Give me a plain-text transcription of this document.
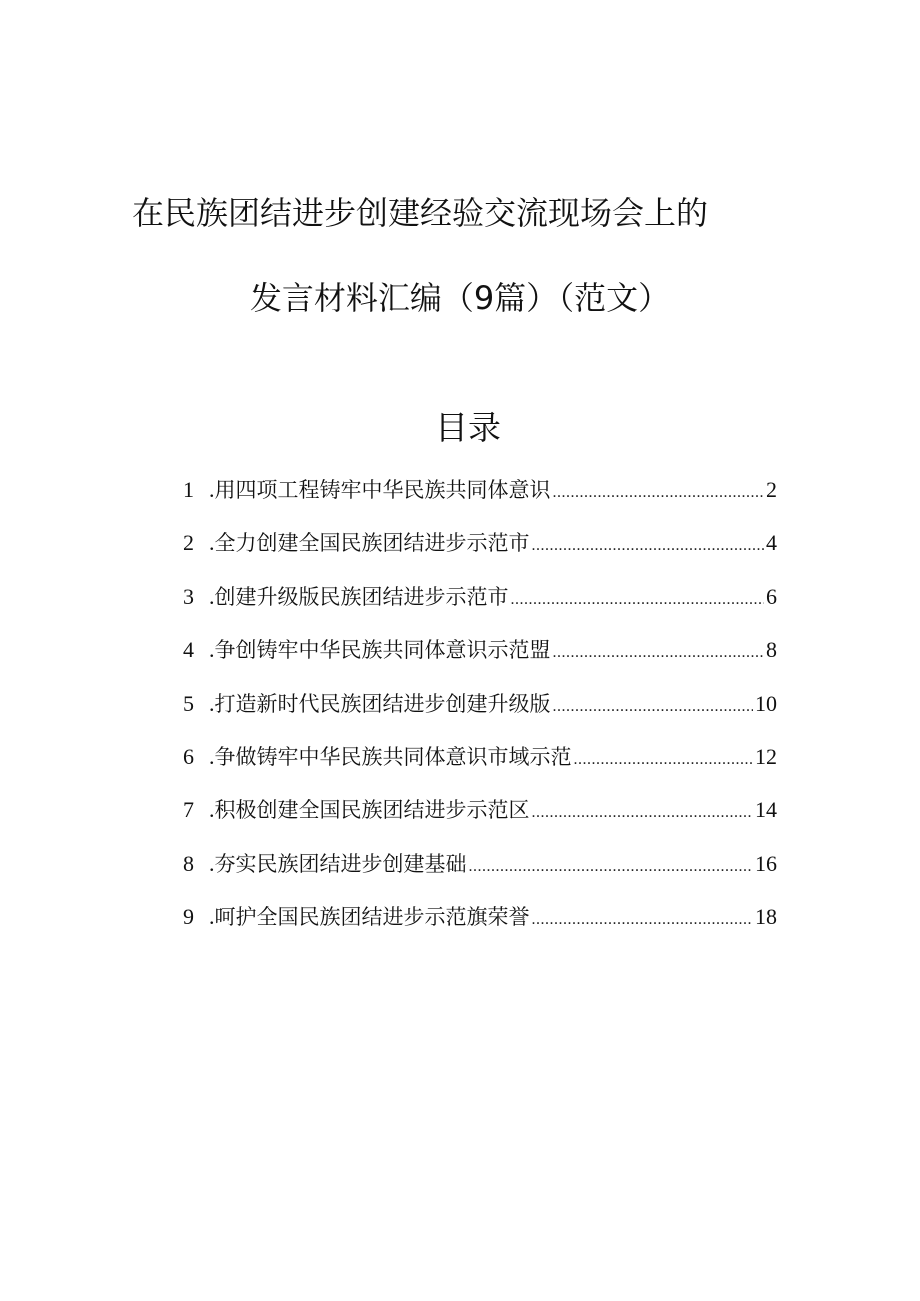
在民族团结进步创建经验交流现场会上的
发言材料汇编（9篇）（范文）
目录
1 . 用四项工程铸牢中华民族共同体意识 .....	2
2 . 全力创建全国民族团结进步示范市 .....	4
3 . 创建升级版民族团结进步示范市 .....	6
4 . 争创铸牢中华民族共同体意识示范盟 .....	8
5 . 打造新时代民族团结进步创建升级版 .....	10
6 . 争做铸牢中华民族共同体意识市域示范 .....	12
7 . 积极创建全国民族团结进步示范区 .....	14
8 . 夯实民族团结进步创建基础 .....	16
9 . 呵护全国民族团结进步示范旗荣誉 .....	18
